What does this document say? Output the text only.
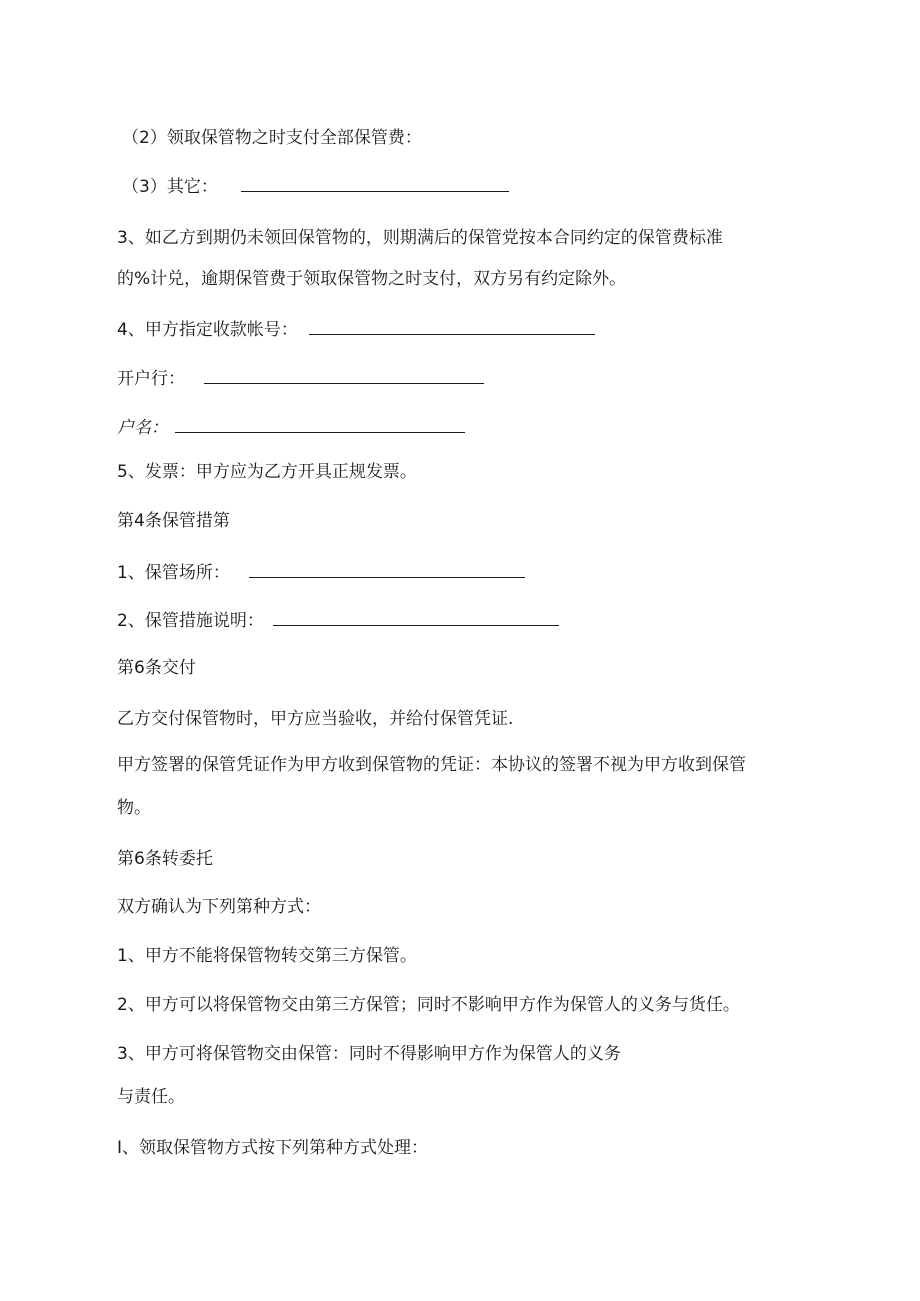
（2）领取保管物之时支付全部保管费：
（3）其它：
3、如乙方到期仍未领回保管物的，则期满后的保管党按本合同约定的保管费标准
的%计兑，逾期保管费于领取保管物之时支付，双方另有约定除外。
4、甲方指定收款帐号：
开户行：
户名：
5、发票：甲方应为乙方开具正规发票。
第4条保管措第
1、保管场所：
2、保管措施说明：
第6条交付
乙方交付保管物时，甲方应当验收，并给付保管凭证.
甲方签署的保管凭证作为甲方收到保管物的凭证：本协议的签署不视为甲方收到保管
物。
第6条转委托
双方确认为下列第种方式：
1、甲方不能将保管物转交第三方保管。
2、甲方可以将保管物交由第三方保管；同时不影响甲方作为保管人的义务与货任。
3、甲方可将保管物交由保管：同时不得影响甲方作为保管人的义务
与责任。
I、领取保管物方式按下列第种方式处理：
